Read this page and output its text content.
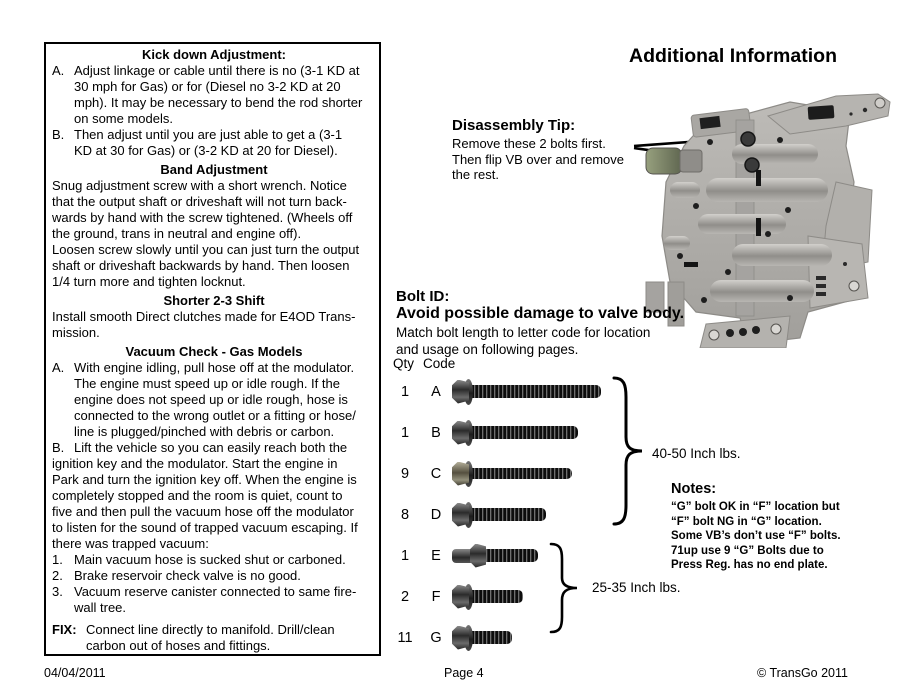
Kick down Adjustment:
A. Adjust linkage or cable until there is no (3-1 KD at
30 mph for Gas) or for (Diesel no 3-2 KD at 20
mph). It may be necessary to bend the rod shorter
on some models.
B. Then adjust until you are just able to get a (3-1
KD at 30 for Gas) or (3-2 KD at 20 for Diesel).
Band Adjustment
Snug adjustment screw with a short wrench. Notice
that the output shaft or driveshaft will not turn back-
wards by hand with the screw tightened. (Wheels off
the ground, trans in neutral and engine off).
Loosen screw slowly until you can just turn the output
shaft or driveshaft backwards by hand. Then loosen
1/4 turn more and tighten locknut.
Shorter 2-3 Shift
Install smooth Direct clutches made for E4OD Trans-
mission.
Vacuum Check - Gas Models
A. With engine idling, pull hose off at the modulator.
The engine must speed up or idle rough. If the
engine does not speed up or idle rough, hose is
connected to the wrong outlet or a fitting or hose/
line is plugged/pinched with debris or carbon.
B. Lift the vehicle so you can easily reach both the
ignition key and the modulator. Start the engine in
Park and turn the ignition key off. When the engine is
completely stopped and the room is quiet, count to
five and then pull the vacuum hose off the modulator
to listen for the sound of trapped vacuum escaping. If
there was trapped vacuum:
1. Main vacuum hose is sucked shut or carboned.
2. Brake reservoir check valve is no good.
3. Vacuum reserve canister connected to same fire-
wall tree.
FIX: Connect line directly to manifold. Drill/clean
carbon out of hoses and fittings.
Additional Information
Disassembly Tip:
Remove these 2 bolts first.
Then flip VB over and remove
the rest.
Bolt ID:
Avoid possible damage to valve body.
Match bolt length to letter code for location
and usage on following pages.
Qty Code
1	A
1	B
9	C
8	D
1	E
2	F
11	G
40-50 Inch lbs.
25-35 Inch lbs.
Notes:
“G” bolt OK in “F” location but
“F” bolt NG in “G” location.
Some VB’s don’t use “F” bolts.
71up use 9 “G” Bolts due to
Press Reg. has no end plate.
04/04/2011	Page 4	© TransGo 2011
